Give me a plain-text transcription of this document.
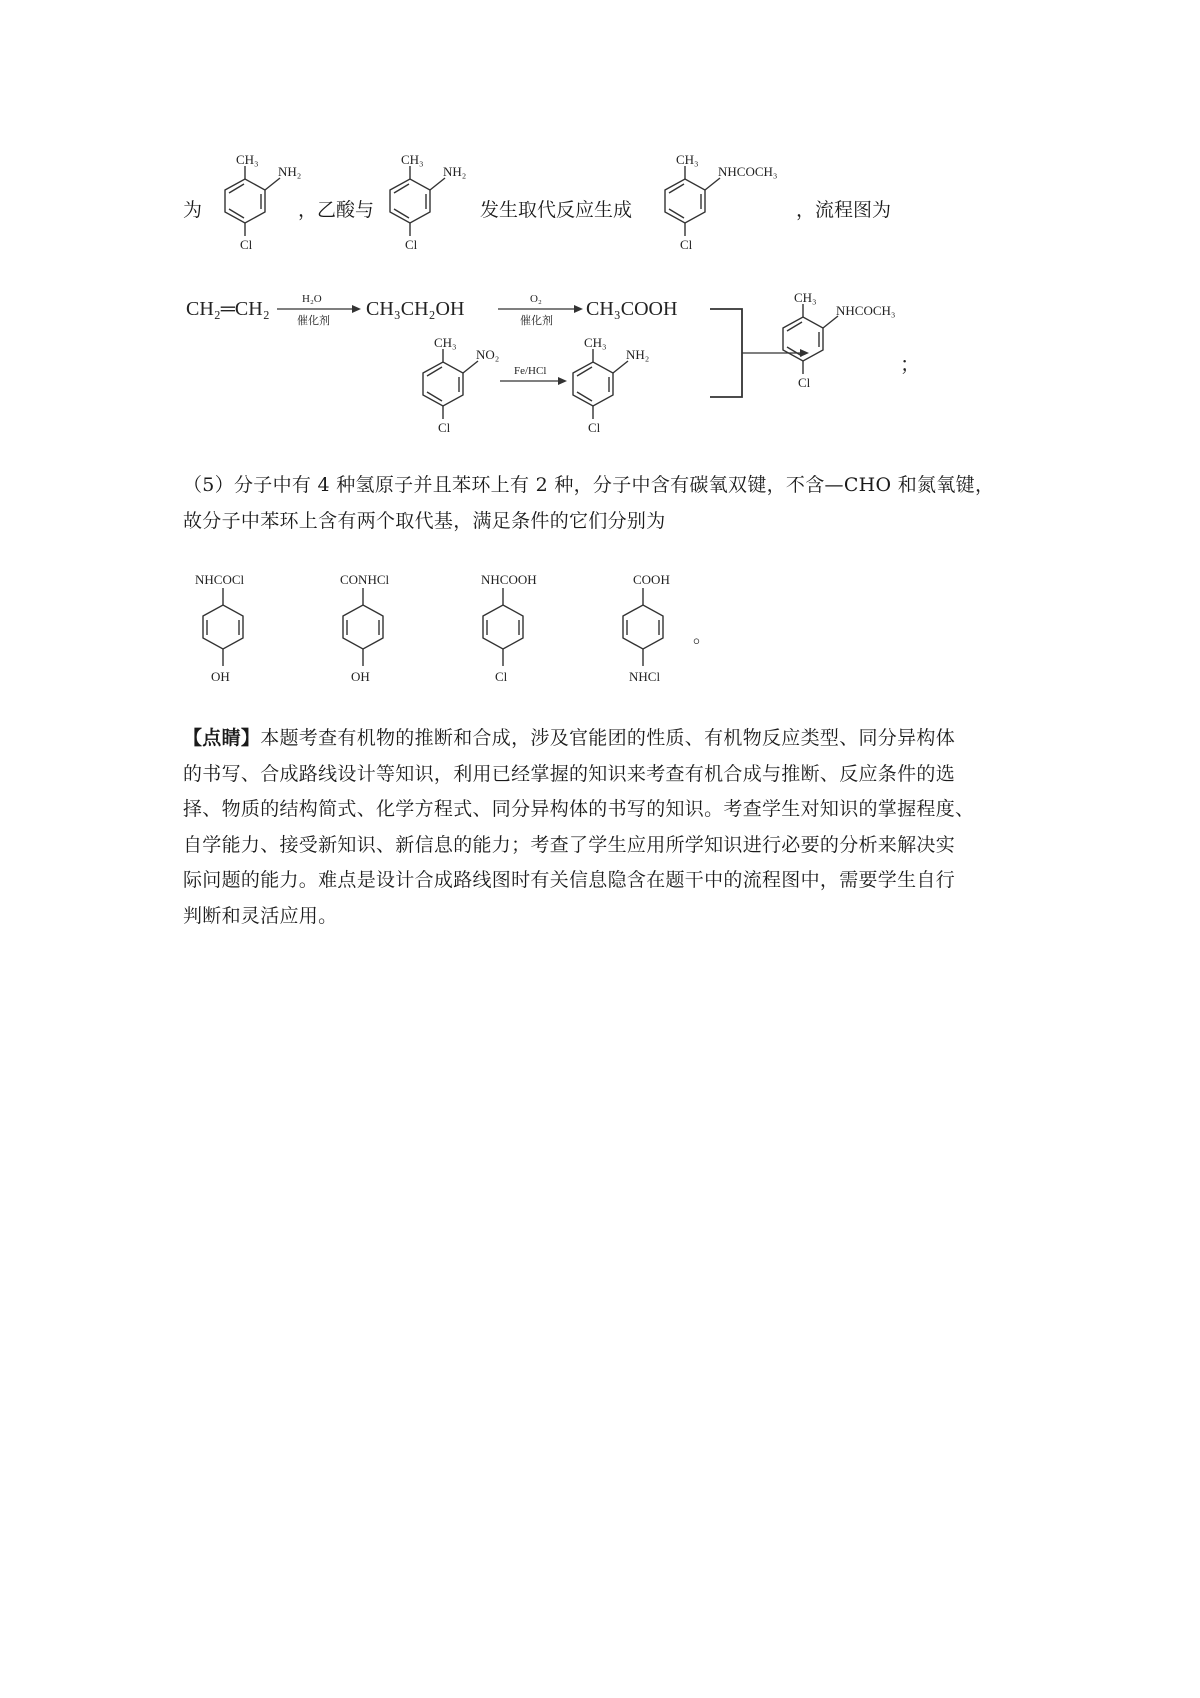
为
CH₃
NH₂
Cl
，乙酸与
CH₃
NH₂
Cl
发生取代反应生成
CH₃
NHCOCH₃
Cl
，流程图为
CH₂═CH₂	H₂O
催化剂
CH₃CH₂OH	O₂
催化剂
CH₃COOH
CH₃
NO₂
Cl
Fe/HCl
CH₃
NH₂
Cl
CH₃
NHCOCH₃
Cl
；
（5）分子中有 4 种氢原子并且苯环上有 2 种，分子中含有碳氧双键，不含—CHO 和氮氧键，
故分子中苯环上含有两个取代基，满足条件的它们分别为
NHCOCl
OH
CONHCl
OH
NHCOOH
Cl
COOH
NHCl
。
【点睛】本题考查有机物的推断和合成，涉及官能团的性质、有机物反应类型、同分异构体
的书写、合成路线设计等知识，利用已经掌握的知识来考查有机合成与推断、反应条件的选
择、物质的结构简式、化学方程式、同分异构体的书写的知识。考查学生对知识的掌握程度、
自学能力、接受新知识、新信息的能力；考查了学生应用所学知识进行必要的分析来解决实
际问题的能力。难点是设计合成路线图时有关信息隐含在题干中的流程图中，需要学生自行
判断和灵活应用。
